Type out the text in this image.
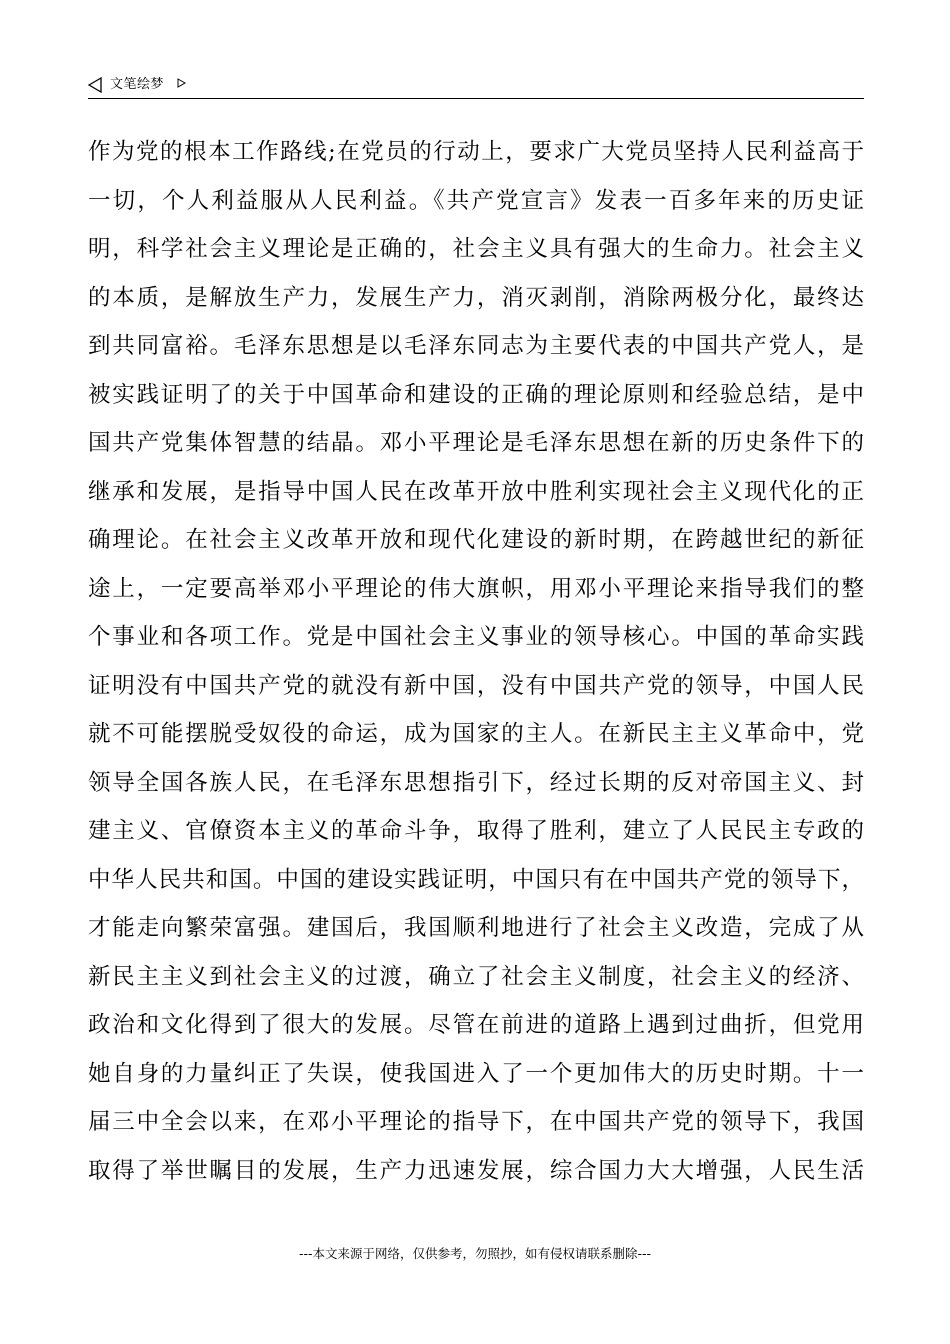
文笔绘梦
作为党的根本工作路线;在党员的行动上，要求广大党员坚持人民利益高于
一切，个人利益服从人民利益。《共产党宣言》发表一百多年来的历史证
明，科学社会主义理论是正确的，社会主义具有强大的生命力。社会主义
的本质，是解放生产力，发展生产力，消灭剥削，消除两极分化，最终达
到共同富裕。毛泽东思想是以毛泽东同志为主要代表的中国共产党人，是
被实践证明了的关于中国革命和建设的正确的理论原则和经验总结，是中
国共产党集体智慧的结晶。邓小平理论是毛泽东思想在新的历史条件下的
继承和发展，是指导中国人民在改革开放中胜利实现社会主义现代化的正
确理论。在社会主义改革开放和现代化建设的新时期，在跨越世纪的新征
途上，一定要高举邓小平理论的伟大旗帜，用邓小平理论来指导我们的整
个事业和各项工作。党是中国社会主义事业的领导核心。中国的革命实践
证明没有中国共产党的就没有新中国，没有中国共产党的领导，中国人民
就不可能摆脱受奴役的命运，成为国家的主人。在新民主主义革命中，党
领导全国各族人民，在毛泽东思想指引下，经过长期的反对帝国主义、封
建主义、官僚资本主义的革命斗争，取得了胜利，建立了人民民主专政的
中华人民共和国。中国的建设实践证明，中国只有在中国共产党的领导下，
才能走向繁荣富强。建国后，我国顺利地进行了社会主义改造，完成了从
新民主主义到社会主义的过渡，确立了社会主义制度，社会主义的经济、
政治和文化得到了很大的发展。尽管在前进的道路上遇到过曲折，但党用
她自身的力量纠正了失误，使我国进入了一个更加伟大的历史时期。十一
届三中全会以来，在邓小平理论的指导下，在中国共产党的领导下，我国
取得了举世瞩目的发展，生产力迅速发展，综合国力大大增强，人民生活
---本文来源于网络，仅供参考，勿照抄，如有侵权请联系删除---
